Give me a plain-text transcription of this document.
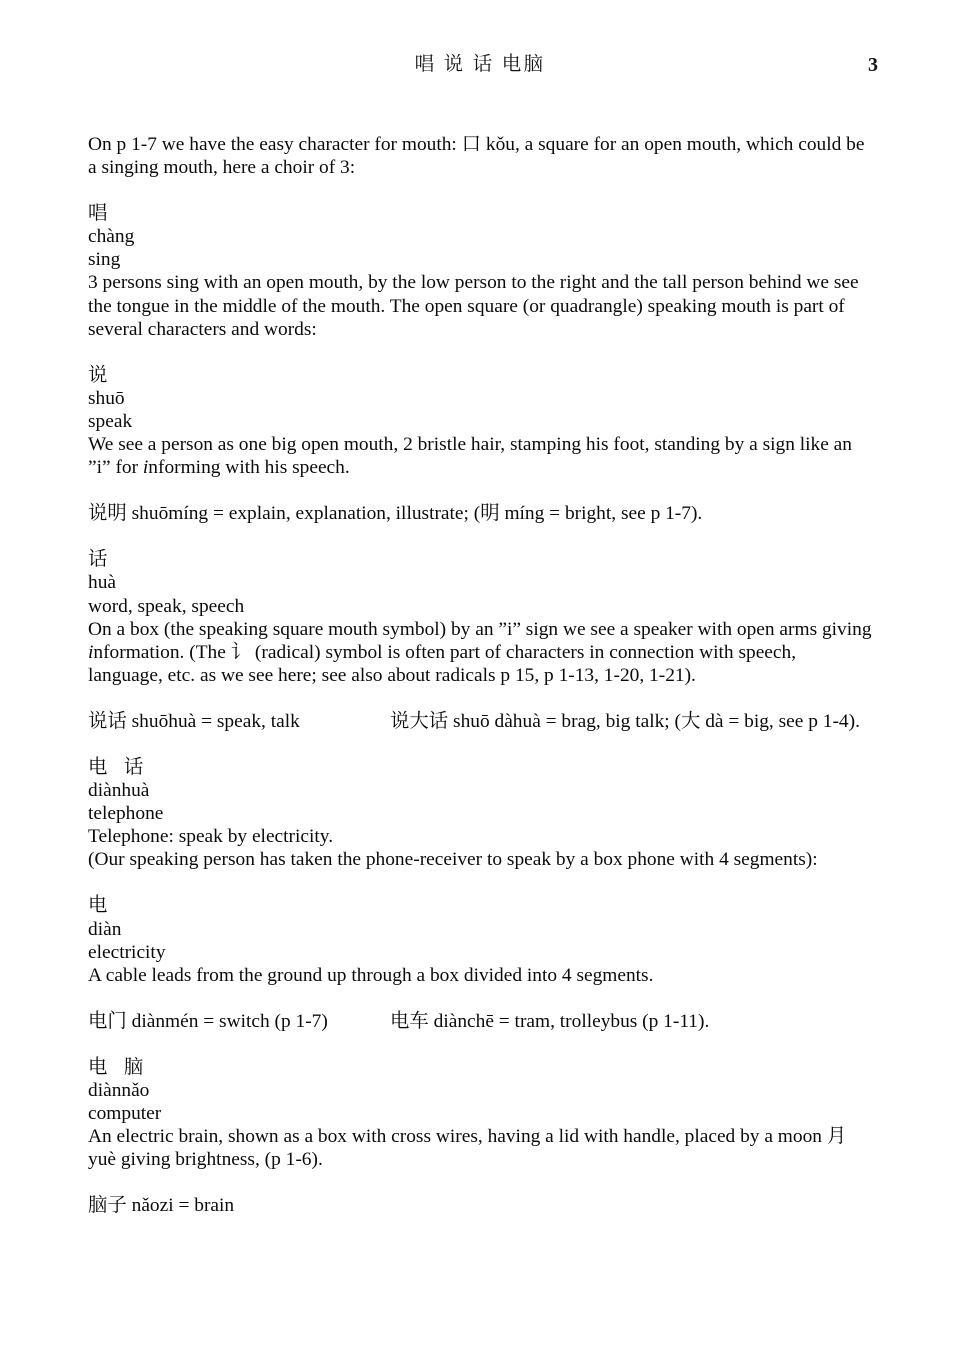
唱 说 话 电脑	3

On p 1-7 we have the easy character for mouth: 口 kǒu, a square for an open mouth, which could be a singing mouth, here a choir of 3:

唱

chàng

sing

3 persons sing with an open mouth, by the low person to the right and the tall person behind we see the tongue in the middle of the mouth. The open square (or quadrangle) speaking mouth is part of several characters and words:

说

shuō

speak

We see a person as one big open mouth, 2 bristle hair, stamping his foot, standing by a sign like an ”i” for informing with his speech.

说明 shuōmíng = explain, explanation, illustrate; (明 míng = bright, see p 1-7).

话

huà

word, speak, speech

On a box (the speaking square mouth symbol) by an ”i” sign we see a speaker with open arms giving information. (The 讠 (radical) symbol is often part of characters in connection with speech, language, etc. as we see here; see also about radicals p 15, p 1-13, 1-20, 1-21).

说话 shuōhuà = speak, talk	说大话 shuō dàhuà = brag, big talk; (大 dà = big, see p 1-4).

电 话

diànhuà

telephone

Telephone: speak by electricity.

(Our speaking person has taken the phone-receiver to speak by a box phone with 4 segments):

电

diàn

electricity

A cable leads from the ground up through a box divided into 4 segments.

电门 diànmén = switch (p 1-7)	电车 diànchē = tram, trolleybus (p 1-11).

电 脑

diànnǎo

computer

An electric brain, shown as a box with cross wires, having a lid with handle, placed by a moon 月 yuè giving brightness, (p 1-6).

脑子 nǎozi = brain
